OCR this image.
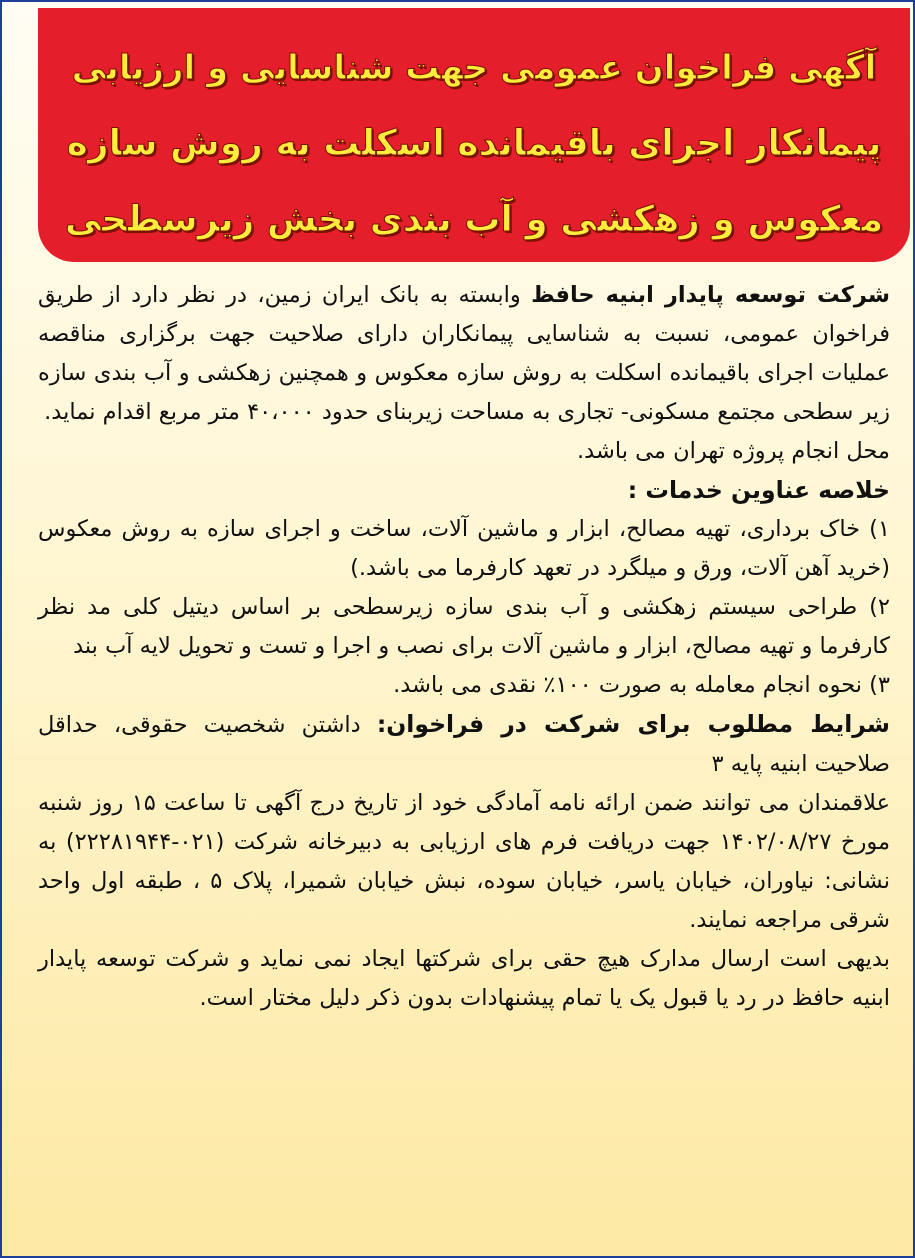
آگهی فراخوان عمومی جهت شناسایی و ارزیابی
پیمانکار اجرای باقیمانده اسکلت به روش سازه
معکوس و زهکشی و آب بندی بخش زیرسطحی

شرکت توسعه پایدار ابنیه حافظ وابسته به بانک ایران زمین، در نظر دارد از طریق فراخوان عمومی، نسبت به شناسایی پیمانکاران دارای صلاحیت جهت برگزاری مناقصه عملیات اجرای باقیمانده اسکلت به روش سازه معکوس و همچنین زهکشی و آب بندی سازه زیر سطحی مجتمع مسکونی- تجاری به مساحت زیربنای حدود ۴۰،۰۰۰ متر مربع اقدام نماید.

محل انجام پروژه تهران می باشد.

خلاصه عناوین خدمات :

۱) خاک برداری، تهیه مصالح، ابزار و ماشین آلات، ساخت و اجرای سازه به روش معکوس (خرید آهن آلات، ورق و میلگرد در تعهد کارفرما می باشد.)

۲) طراحی سیستم زهکشی و آب بندی سازه زیرسطحی بر اساس دیتیل کلی مد نظر کارفرما و تهیه مصالح، ابزار و ماشین آلات برای نصب و اجرا و تست و تحویل لایه آب بند

۳) نحوه انجام معامله به صورت ۱۰۰٪ نقدی می باشد.

شرایط مطلوب برای شرکت در فراخوان: داشتن شخصیت حقوقی، حداقل صلاحیت ابنیه پایه ۳

علاقمندان می توانند ضمن ارائه نامه آمادگی خود از تاریخ درج آگهی تا ساعت ۱۵ روز شنبه مورخ ۱۴۰۲/۰۸/۲۷ جهت دریافت فرم های ارزیابی به دبیرخانه شرکت (۰۲۱-۲۲۲۸۱۹۴۴) به نشانی: نیاوران، خیابان یاسر، خیابان سوده، نبش خیابان شمیرا، پلاک ۵ ، طبقه اول واحد شرقی مراجعه نمایند.

بدیهی است ارسال مدارک هیچ حقی برای شرکتها ایجاد نمی نماید و شرکت توسعه پایدار ابنیه حافظ در رد یا قبول یک یا تمام پیشنهادات بدون ذکر دلیل مختار است.
